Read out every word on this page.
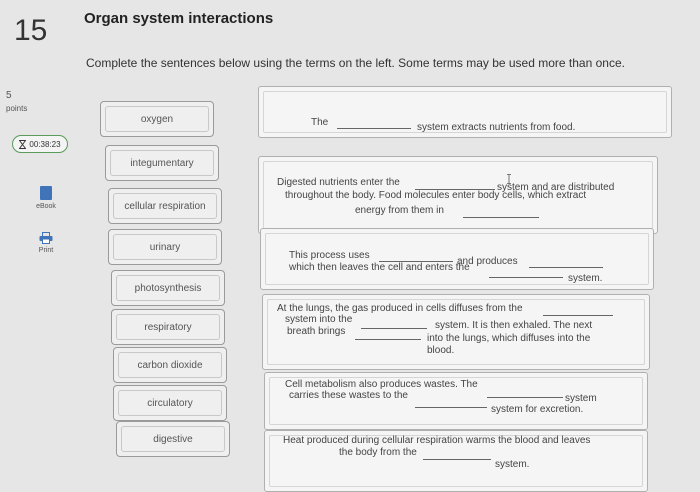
15 Organ system interactions
Complete the sentences below using the terms on the left. Some terms may be used more than once.
5
points
00:38:23
eBook
Print
oxygen
integumentary
cellular respiration
urinary
photosynthesis
respiratory
carbon dioxide
circulatory
digestive
The	system extracts nutrients from food.
Digested nutrients enter the	system and are distributed
throughout the body. Food molecules enter body cells, which extract
energy from them in
This process uses
and produces
which then leaves the cell and enters the
system.
At the lungs, the gas produced in cells diffuses from the
system into the
system. It is then exhaled. The next
breath brings
into the lungs, which diffuses into the
blood.
Cell metabolism also produces wastes. The
system
carries these wastes to the
system for excretion.
Heat produced during cellular respiration warms the blood and leaves
the body from the
system.
